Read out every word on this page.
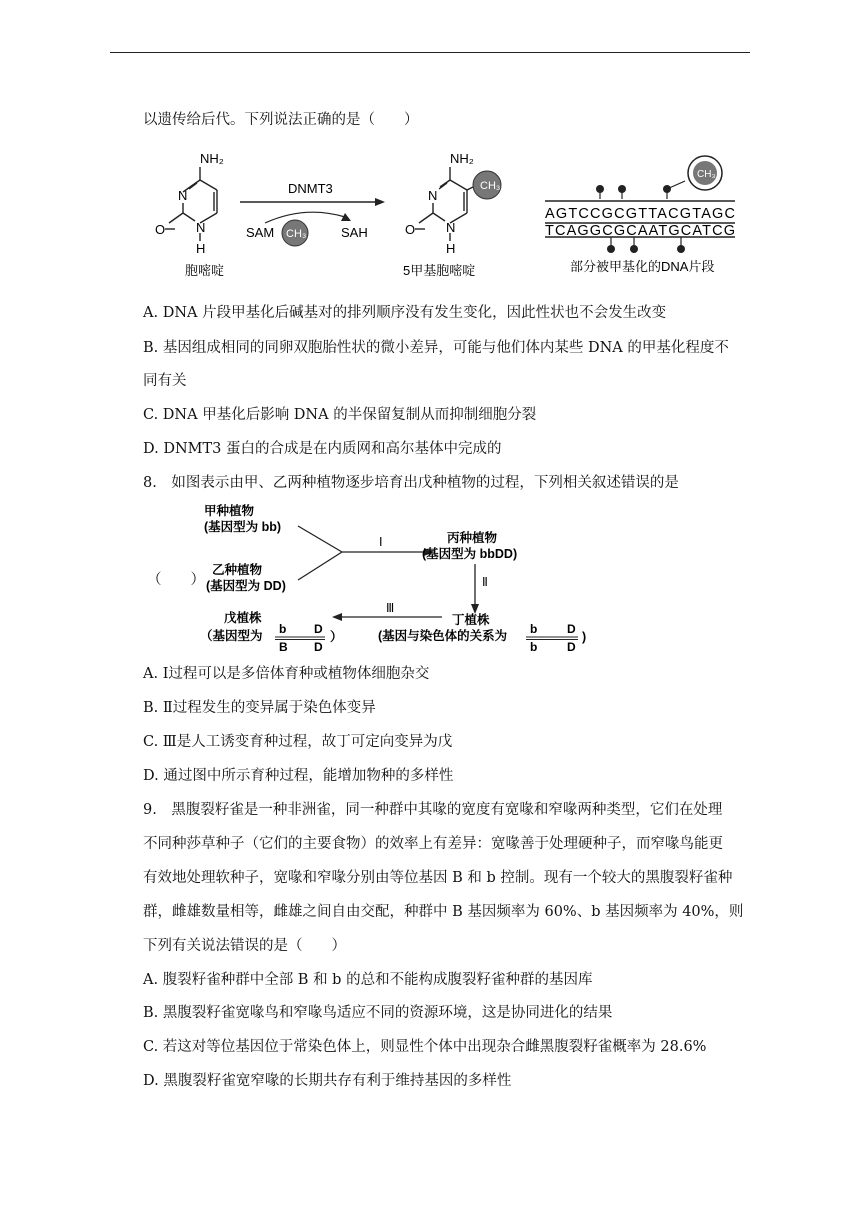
以遗传给后代。下列说法正确的是（　　）
NH₂
N
O N
H
胞嘧啶
DNMT3
SAM CH₃	SAH
CH₃
NH₂
N
O N
H
5甲基胞嘧啶
CH₃
AGTCCGCGTTACGTAGC
TCAGGCGCAATGCATCG
部分被甲基化的DNA片段
A. DNA 片段甲基化后碱基对的排列顺序没有发生变化，因此性状也不会发生改变
B. 基因组成相同的同卵双胞胎性状的微小差异，可能与他们体内某些 DNA 的甲基化程度不
同有关
C. DNA 甲基化后影响 DNA 的半保留复制从而抑制细胞分裂
D. DNMT3 蛋白的合成是在内质网和高尔基体中完成的
8.　如图表示由甲、乙两种植物逐步培育出戊种植物的过程，下列相关叙述错误的是
（　　）
甲种植物
(基因型为 bb)
乙种植物
(基因型为 DD)
Ⅰ	丙种植物
(基因型为 bbDD)
Ⅱ
Ⅲ
丁植株
(基因与染色体的关系为 b D
b D
)
戊植株
（基因型为 b D
B D
）
A. Ⅰ过程可以是多倍体育种或植物体细胞杂交
B. Ⅱ过程发生的变异属于染色体变异
C. Ⅲ是人工诱变育种过程，故丁可定向变异为戊
D. 通过图中所示育种过程，能增加物种的多样性
9.　黑腹裂籽雀是一种非洲雀，同一种群中其喙的宽度有宽喙和窄喙两种类型，它们在处理
不同种莎草种子（它们的主要食物）的效率上有差异：宽喙善于处理硬种子，而窄喙鸟能更
有效地处理软种子，宽喙和窄喙分别由等位基因 B 和 b 控制。现有一个较大的黑腹裂籽雀种
群，雌雄数量相等，雌雄之间自由交配，种群中 B 基因频率为 60%、b 基因频率为 40%，则
下列有关说法错误的是（　　）
A. 腹裂籽雀种群中全部 B 和 b 的总和不能构成腹裂籽雀种群的基因库
B. 黑腹裂籽雀宽喙鸟和窄喙鸟适应不同的资源环境，这是协同进化的结果
C. 若这对等位基因位于常染色体上，则显性个体中出现杂合雌黑腹裂籽雀概率为 28.6%
D. 黑腹裂籽雀宽窄喙的长期共存有利于维持基因的多样性
